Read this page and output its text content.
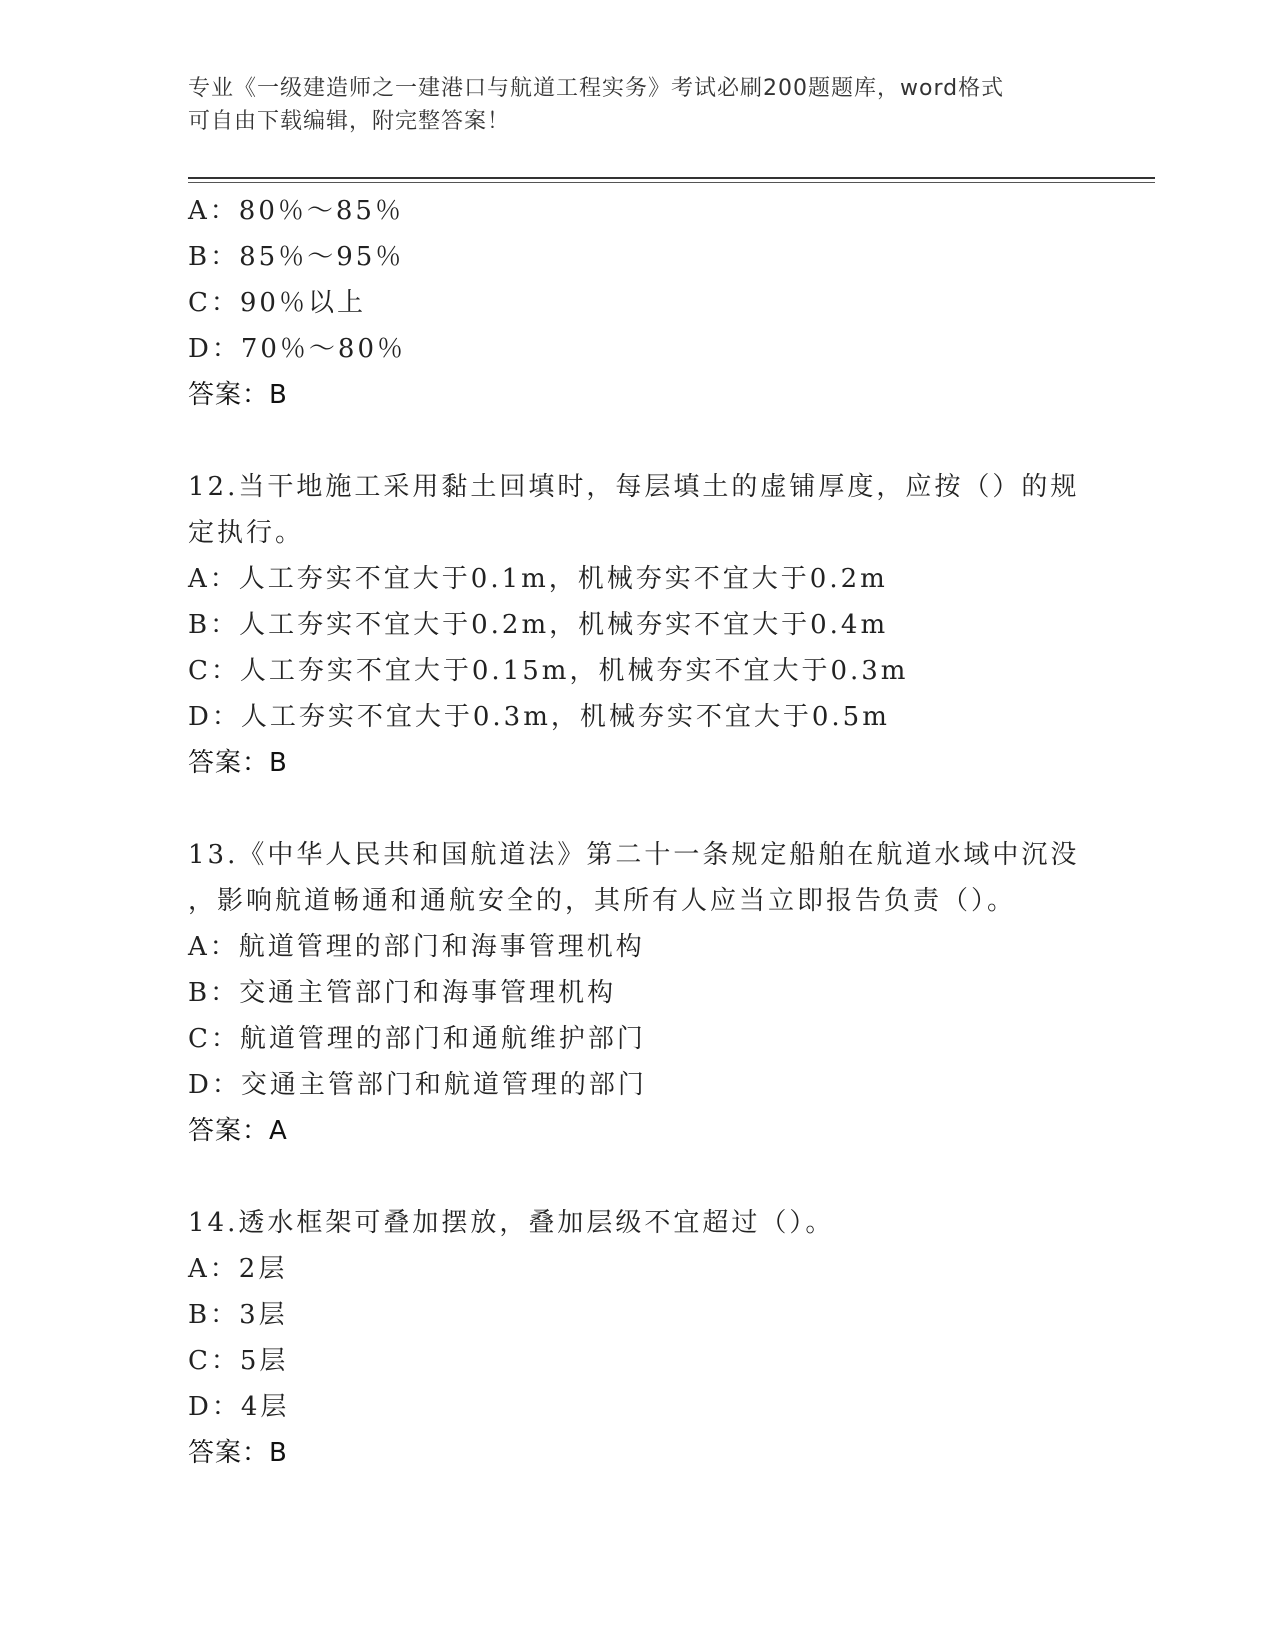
专业《一级建造师之一建港口与航道工程实务》考试必刷200题题库，word格式
可自由下载编辑，附完整答案！
A：80％～85％
B：85％～95％
C：90％以上
D：70％～80％
答案：B
12.当干地施工采用黏土回填时，每层填土的虚铺厚度，应按（）的规
定执行。
A：人工夯实不宜大于0.1m，机械夯实不宜大于0.2m
B：人工夯实不宜大于0.2m，机械夯实不宜大于0.4m
C：人工夯实不宜大于0.15m，机械夯实不宜大于0.3m
D：人工夯实不宜大于0.3m，机械夯实不宜大于0.5m
答案：B
13.《中华人民共和国航道法》第二十一条规定船舶在航道水域中沉没
，影响航道畅通和通航安全的，其所有人应当立即报告负责（）。
A：航道管理的部门和海事管理机构
B：交通主管部门和海事管理机构
C：航道管理的部门和通航维护部门
D：交通主管部门和航道管理的部门
答案：A
14.透水框架可叠加摆放，叠加层级不宜超过（）。
A：2层
B：3层
C：5层
D：4层
答案：B
